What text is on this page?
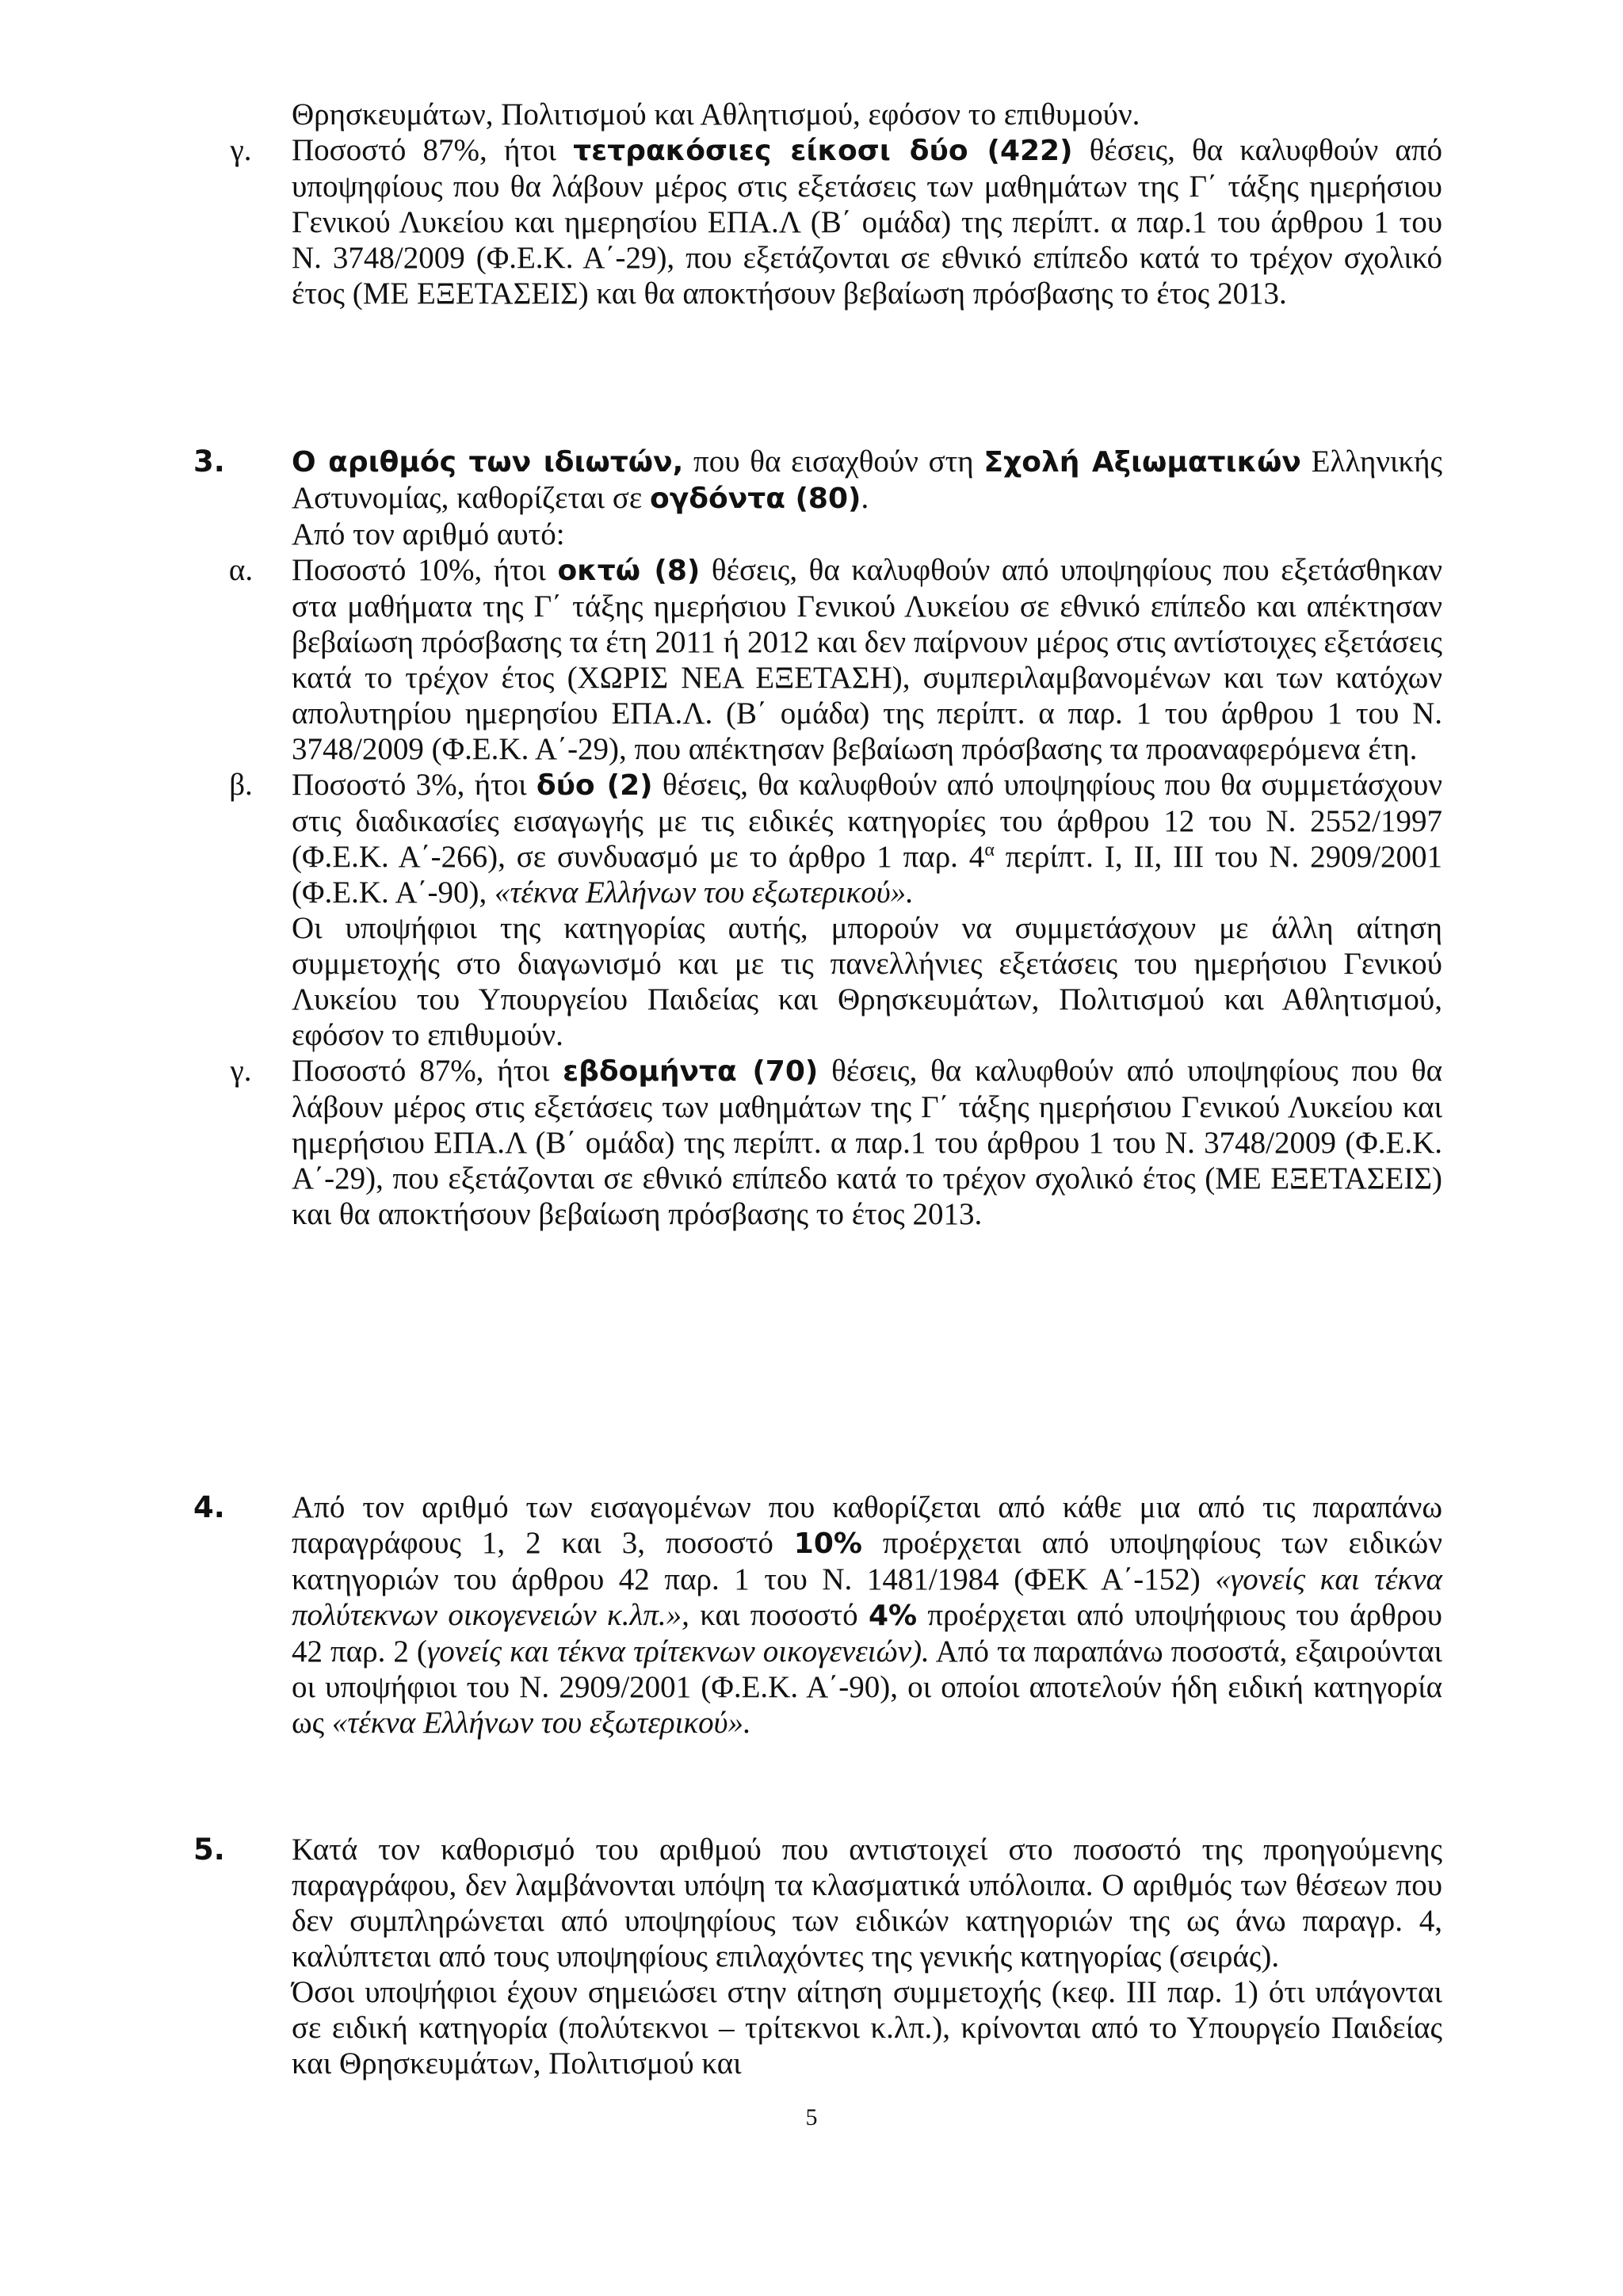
Θρησκευμάτων, Πολιτισμού και Αθλητισμού, εφόσον το επιθυμούν.
γ.	Ποσοστό 87%, ήτοι τετρακόσιες είκοσι δύο (422) θέσεις, θα καλυφθούν από υποψηφίους που θα λάβουν μέρος στις εξετάσεις των μαθημάτων της Γ΄ τάξης ημερήσιου Γενικού Λυκείου και ημερησίου ΕΠΑ.Λ (Β΄ ομάδα) της περίπτ. α παρ.1 του άρθρου 1 του Ν. 3748/2009 (Φ.Ε.Κ. Α΄-29), που εξετάζονται σε εθνικό επίπεδο κατά το τρέχον σχολικό έτος (ΜΕ ΕΞΕΤΑΣΕΙΣ) και θα αποκτήσουν βεβαίωση πρόσβασης το έτος 2013.
3.	Ο αριθμός των ιδιωτών, που θα εισαχθούν στη Σχολή Αξιωματικών Ελληνικής Αστυνομίας, καθορίζεται σε ογδόντα (80).
Από τον αριθμό αυτό:
α.	Ποσοστό 10%, ήτοι οκτώ (8) θέσεις, θα καλυφθούν από υποψηφίους που εξετάσθηκαν στα μαθήματα της Γ΄ τάξης ημερήσιου Γενικού Λυκείου σε εθνικό επίπεδο και απέκτησαν βεβαίωση πρόσβασης τα έτη 2011 ή 2012 και δεν παίρνουν μέρος στις αντίστοιχες εξετάσεις κατά το τρέχον έτος (ΧΩΡΙΣ ΝΕΑ ΕΞΕΤΑΣΗ), συμπεριλαμβανομένων και των κατόχων απολυτηρίου ημερησίου ΕΠΑ.Λ. (Β΄ ομάδα) της περίπτ. α παρ. 1 του άρθρου 1 του Ν. 3748/2009 (Φ.Ε.Κ. Α΄-29), που απέκτησαν βεβαίωση πρόσβασης τα προαναφερόμενα έτη.
β.	Ποσοστό 3%, ήτοι δύο (2) θέσεις, θα καλυφθούν από υποψηφίους που θα συμμετάσχουν στις διαδικασίες εισαγωγής με τις ειδικές κατηγορίες του άρθρου 12 του Ν. 2552/1997 (Φ.Ε.Κ. Α΄-266), σε συνδυασμό με το άρθρο 1 παρ. $4^\alpha$ περίπτ. Ι, ΙΙ, ΙΙΙ του Ν. 2909/2001 (Φ.Ε.Κ. Α΄-90), «τέκνα Ελλήνων του εξωτερικού».
Οι υποψήφιοι της κατηγορίας αυτής, μπορούν να συμμετάσχουν με άλλη αίτηση συμμετοχής στο διαγωνισμό και με τις πανελλήνιες εξετάσεις του ημερήσιου Γενικού Λυκείου του Υπουργείου Παιδείας και Θρησκευμάτων, Πολιτισμού και Αθλητισμού, εφόσον το επιθυμούν.
γ.	Ποσοστό 87%, ήτοι εβδομήντα (70) θέσεις, θα καλυφθούν από υποψηφίους που θα λάβουν μέρος στις εξετάσεις των μαθημάτων της Γ΄ τάξης ημερήσιου Γενικού Λυκείου και ημερήσιου ΕΠΑ.Λ (Β΄ ομάδα) της περίπτ. α παρ.1 του άρθρου 1 του Ν. 3748/2009 (Φ.Ε.Κ. Α΄-29), που εξετάζονται σε εθνικό επίπεδο κατά το τρέχον σχολικό έτος (ΜΕ ΕΞΕΤΑΣΕΙΣ) και θα αποκτήσουν βεβαίωση πρόσβασης το έτος 2013.
4.	Από τον αριθμό των εισαγομένων που καθορίζεται από κάθε μια από τις παραπάνω παραγράφους 1, 2 και 3, ποσοστό 10% προέρχεται από υποψηφίους των ειδικών κατηγοριών του άρθρου 42 παρ. 1 του Ν. 1481/1984 (ΦΕΚ Α΄-152) «γονείς και τέκνα πολύτεκνων οικογενειών κ.λπ.», και ποσοστό 4% προέρχεται από υποψήφιους του άρθρου 42 παρ. 2 (γονείς και τέκνα τρίτεκνων οικογενειών). Από τα παραπάνω ποσοστά, εξαιρούνται οι υποψήφιοι του Ν. 2909/2001 (Φ.Ε.Κ. Α΄-90), οι οποίοι αποτελούν ήδη ειδική κατηγορία ως «τέκνα Ελλήνων του εξωτερικού».
5.	Κατά τον καθορισμό του αριθμού που αντιστοιχεί στο ποσοστό της προηγούμενης παραγράφου, δεν λαμβάνονται υπόψη τα κλασματικά υπόλοιπα. Ο αριθμός των θέσεων που δεν συμπληρώνεται από υποψηφίους των ειδικών κατηγοριών της ως άνω παραγρ. 4, καλύπτεται από τους υποψηφίους επιλαχόντες της γενικής κατηγορίας (σειράς).
Όσοι υποψήφιοι έχουν σημειώσει στην αίτηση συμμετοχής (κεφ. ΙΙΙ παρ. 1) ότι υπάγονται σε ειδική κατηγορία (πολύτεκνοι – τρίτεκνοι κ.λπ.), κρίνονται από το Υπουργείο Παιδείας και Θρησκευμάτων, Πολιτισμού και
5
